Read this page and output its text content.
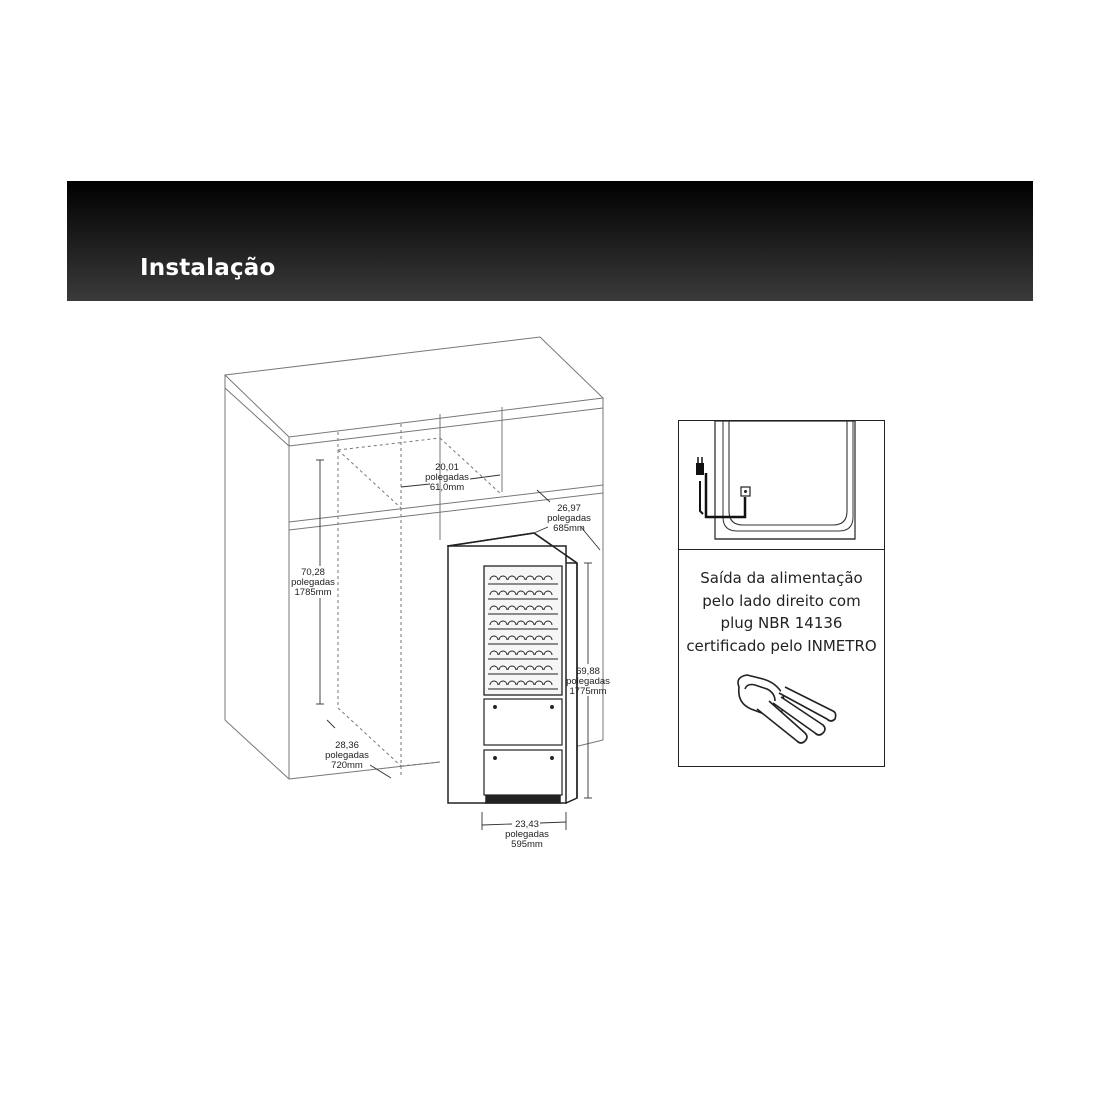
Instalação
20,01
polegadas
61,0mm
26,97
polegadas
685mm
70,28
polegadas
1785mm
28,36
polegadas
720mm
69,88
polegadas
1775mm
23,43
polegadas
595mm
Saída da alimentação
pelo lado direito com
plug NBR 14136
certificado pelo INMETRO
